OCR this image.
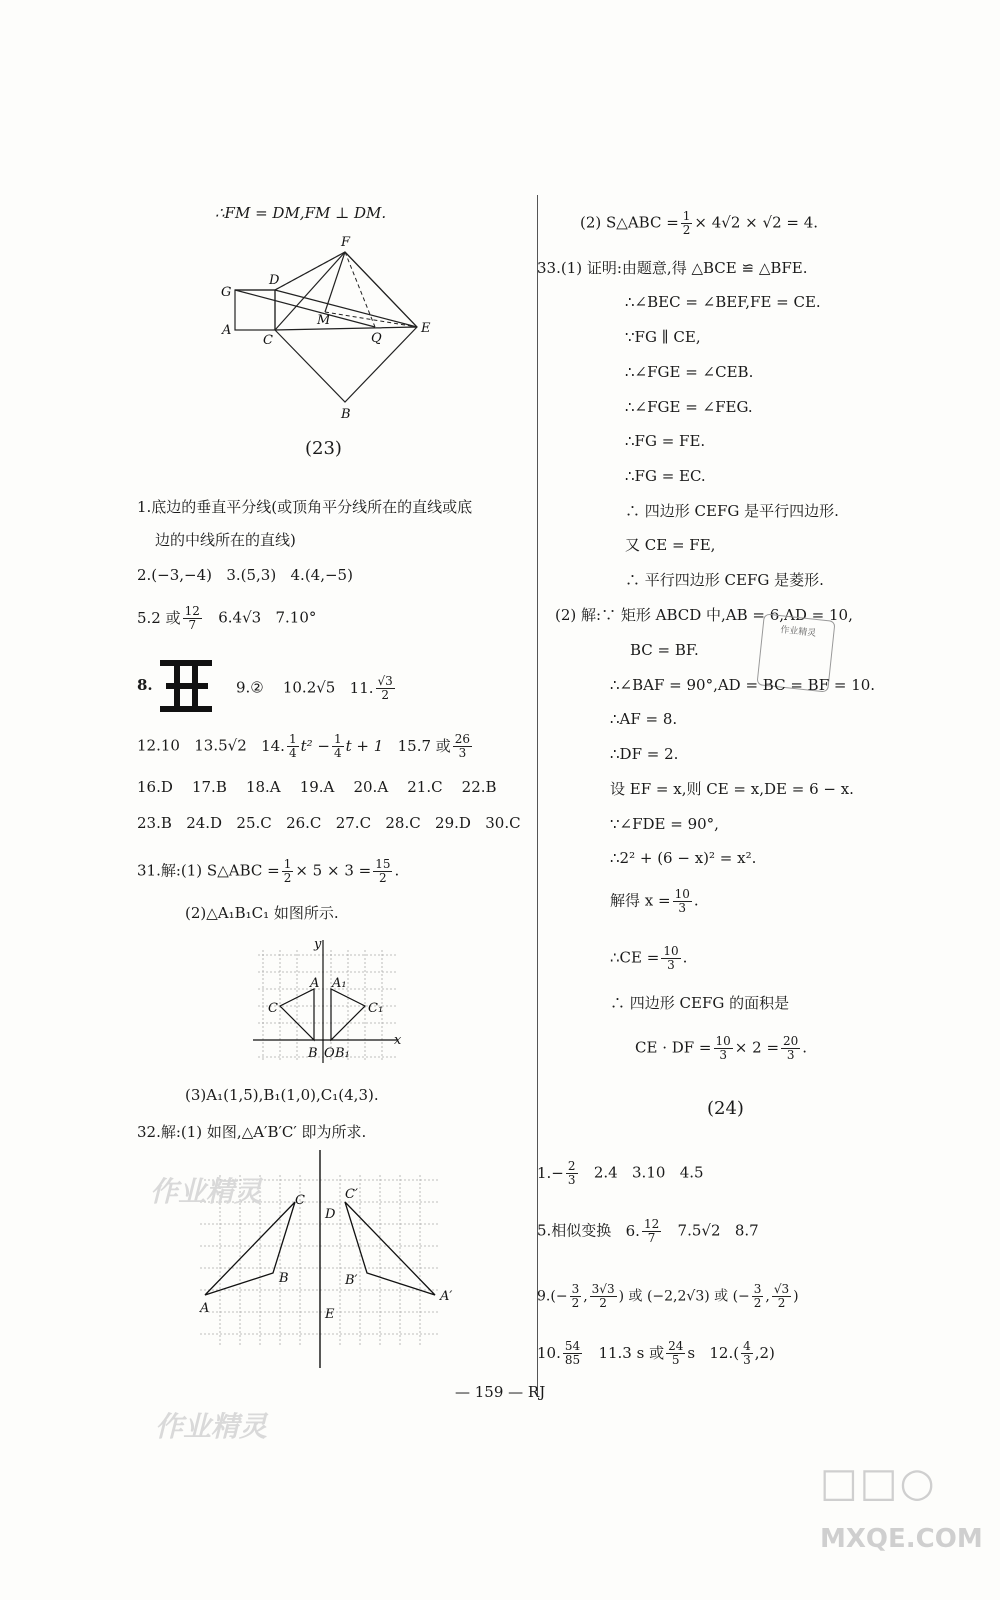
∴FM = DM,FM ⊥ DM.
F
G
D
M
A
C	Q
E
B
(23)
1.底边的垂直平分线(或顶角平分线所在的直线或底
边的中线所在的直线)
2.(−3,−4) 3.(5,3) 4.(4,−5)
5.2 或 $\frac{12}{7} 6.4√3$ 7.10°
8.	9.② 10.2√5 11. $\frac{√3}{2}$
12.10 13.5√2 14. $\frac{1}{4} t^2 - \frac{1}{4}$ t + 1 15.7 或 $\frac{26}{3}$
16.D 17.B 18.A 19.A 20.A 21.C 22.B
23.B 24.D 25.C 26.C 27.C 28.C 29.D 30.C
31.解:(1) S△ABC = $\frac{1}{2} \times 5 \times 3 = \frac{15}{2}$ .
(2)△A₁B₁C₁ 如图所示.
y
A A₁
C	C₁
B O B₁
x
(3)A₁(1,5),B₁(1,0),C₁(4,3).
32.解:(1) 如图,△A′B′C′ 即为所求.
C	C′
D
B	B′
A
A′
E
(2) S△ABC = $\frac{1}{2} \times 4√2 \times √2 = 4$.
33.(1) 证明:由题意,得 △BCE ≌ △BFE.
∴∠BEC = ∠BEF,FE = CE.
∵FG ∥ CE,
∴∠FGE = ∠CEB.
∴∠FGE = ∠FEG.
∴FG = FE.
∴FG = EC.
∴ 四边形 CEFG 是平行四边形.
又 CE = FE,
∴ 平行四边形 CEFG 是菱形.
(2) 解:∵ 矩形 ABCD 中,AB = 6,AD = 10,
作业精灵
BC = BF.
∴∠BAF = 90°,AD = BC = BF = 10.
∴AF = 8.
∴DF = 2.
设 EF = x,则 CE = x,DE = 6 − x.
∵∠FDE = 90°,
∴2² + (6 − x)² = x².
解得 $x = \frac{10}{3}$ .
∴CE = $\frac{10}{3}$ .
∴ 四边形 CEFG 的面积是
CE · DF = $\frac{10}{3} \times 2 = \frac{20}{3}$ .
(24)
$1.- \frac{2}{3} 2.4$ 3.10 4.5
5.相似变换 6. $\frac{12}{7} 7.5√2$ 8.7
$9.(- \frac{3}{2}$ , $\frac{3√3}{2}$ ) 或 (−2,2√3) 或 (− $\frac{3}{2}$ , $\frac{√3}{2}$ )
10. $\frac{54}{85} 11.3$ s 或 $\frac{24}{5}$ s $12.( \frac{4}{3} ,2)$
— 159 — RJ
作业精灵
作业精灵
□□○
MXQE.COM
